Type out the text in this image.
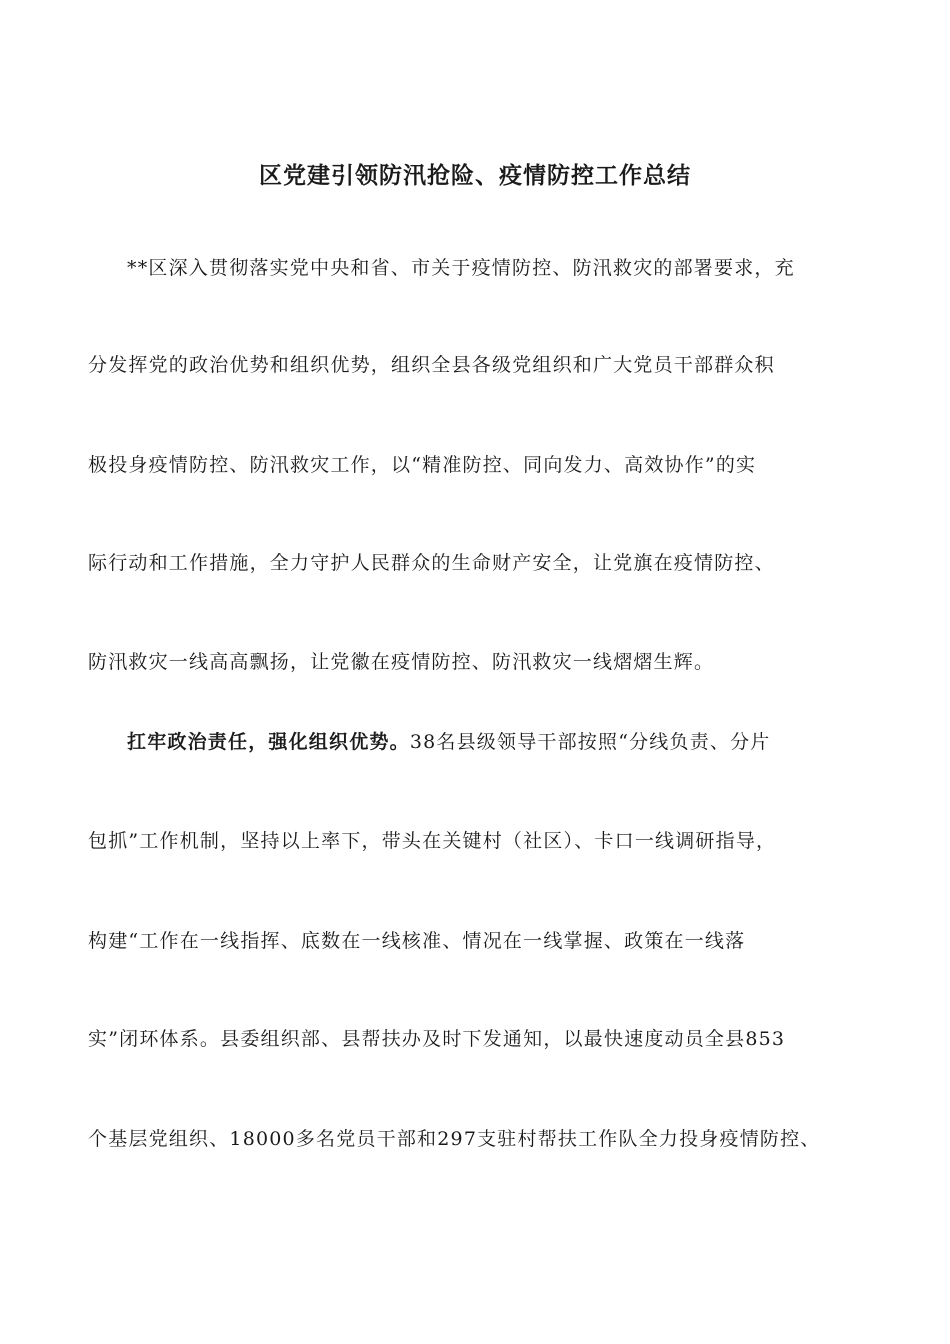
区党建引领防汛抢险、疫情防控工作总结
**区深入贯彻落实党中央和省、市关于疫情防控、防汛救灾的部署要求，充
分发挥党的政治优势和组织优势，组织全县各级党组织和广大党员干部群众积
极投身疫情防控、防汛救灾工作，以“精准防控、同向发力、高效协作”的实
际行动和工作措施，全力守护人民群众的生命财产安全，让党旗在疫情防控、
防汛救灾一线高高飘扬，让党徽在疫情防控、防汛救灾一线熠熠生辉。
扛牢政治责任，强化组织优势。38名县级领导干部按照“分线负责、分片
包抓”工作机制，坚持以上率下，带头在关键村（社区）、卡口一线调研指导，
构建“工作在一线指挥、底数在一线核准、情况在一线掌握、政策在一线落
实”闭环体系。县委组织部、县帮扶办及时下发通知，以最快速度动员全县853
个基层党组织、18000多名党员干部和297支驻村帮扶工作队全力投身疫情防控、
